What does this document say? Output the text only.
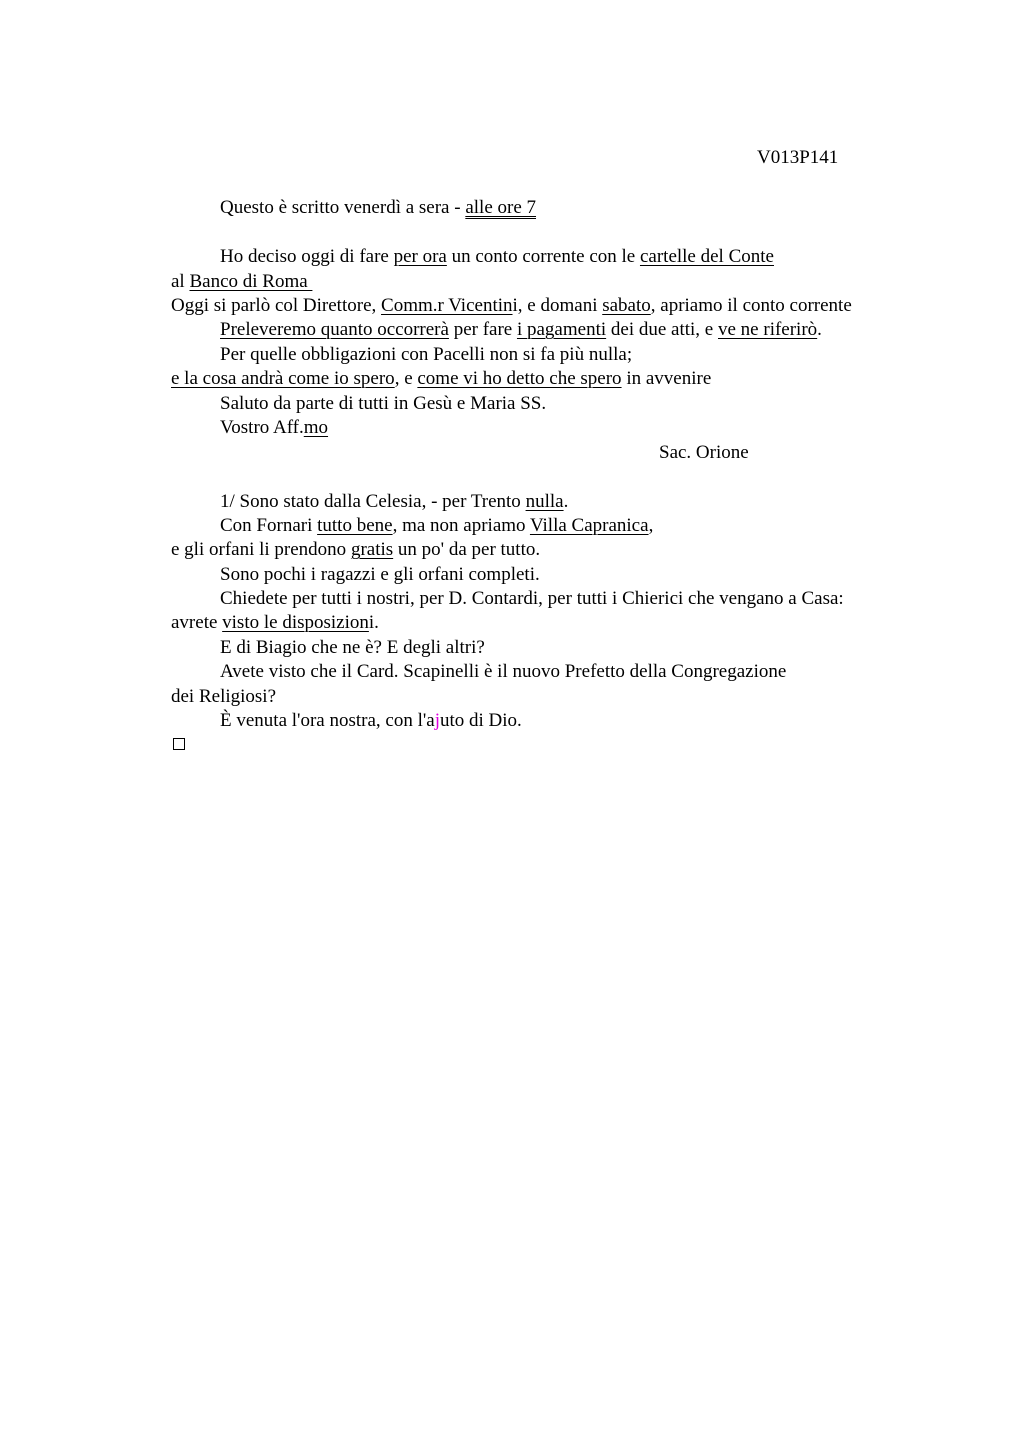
V013P141
Questo è scritto venerdì a sera - alle ore 7
Ho deciso oggi di fare per ora un conto corrente con le cartelle del Conte
al Banco di Roma
Oggi si parlò col Direttore, Comm.r Vicentini, e domani sabato, apriamo il conto corrente
Preleveremo quanto occorrerà per fare i pagamenti dei due atti, e ve ne riferirò.
Per quelle obbligazioni con Pacelli non si fa più nulla;
e la cosa andrà come io spero, e come vi ho detto che spero in avvenire
Saluto da parte di tutti in Gesù e Maria SS.
Vostro Aff.mo
Sac. Orione
1/ Sono stato dalla Celesia, - per Trento nulla.
Con Fornari tutto bene, ma non apriamo Villa Capranica,
e gli orfani li prendono gratis un po' da per tutto.
Sono pochi i ragazzi e gli orfani completi.
Chiedete per tutti i nostri, per D. Contardi, per tutti i Chierici che vengano a Casa:
avrete visto le disposizioni.
E di Biagio che ne è? E degli altri?
Avete visto che il Card. Scapinelli è il nuovo Prefetto della Congregazione
dei Religiosi?
È venuta l'ora nostra, con l'ajuto di Dio.
